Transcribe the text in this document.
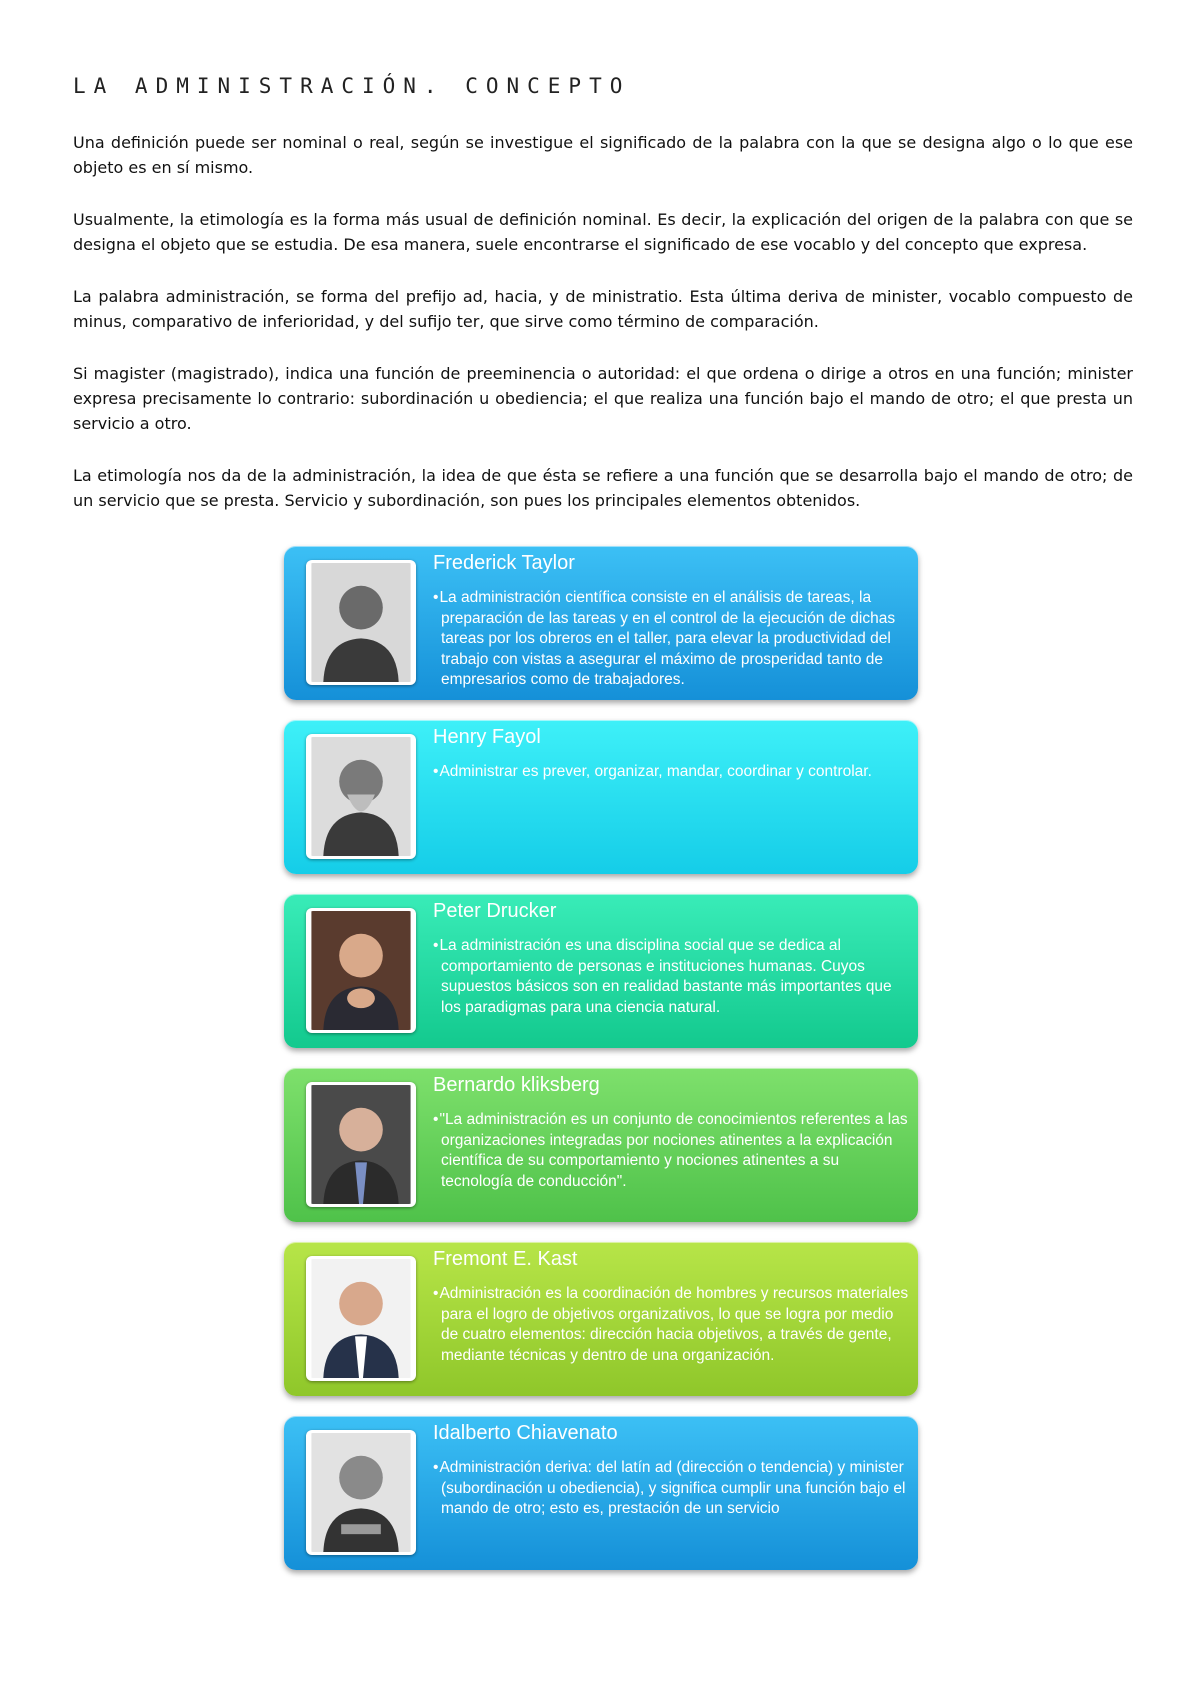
LA ADMINISTRACIÓN. CONCEPTO

Una definición puede ser nominal o real, según se investigue el significado de la palabra con la que se designa algo o lo que ese objeto es en sí mismo.

Usualmente, la etimología es la forma más usual de definición nominal. Es decir, la explicación del origen de la palabra con que se designa el objeto que se estudia. De esa manera, suele encontrarse el significado de ese vocablo y del concepto que expresa.

La palabra administración, se forma del prefijo ad, hacia, y de ministratio. Esta última deriva de minister, vocablo compuesto de minus, comparativo de inferioridad, y del sufijo ter, que sirve como término de comparación.

Si magister (magistrado), indica una función de preeminencia o autoridad: el que ordena o dirige a otros en una función; minister expresa precisamente lo contrario: subordinación u obediencia; el que realiza una función bajo el mando de otro; el que presta un servicio a otro.

La etimología nos da de la administración, la idea de que ésta se refiere a una función que se desarrolla bajo el mando de otro; de un servicio que se presta. Servicio y subordinación, son pues los principales elementos obtenidos.

Frederick Taylor
•La administración científica consiste en el análisis de tareas, la preparación de las tareas y en el control de la ejecución de dichas tareas por los obreros en el taller, para elevar la productividad del trabajo con vistas a asegurar el máximo de prosperidad tanto de empresarios como de trabajadores.
Henry Fayol
•Administrar es prever, organizar, mandar, coordinar y controlar.
Peter Drucker
•La administración es una disciplina social que se dedica al comportamiento de personas e instituciones humanas. Cuyos supuestos básicos son en realidad bastante más importantes que los paradigmas para una ciencia natural.
Bernardo kliksberg
•"La administración es un conjunto de conocimientos referentes a las organizaciones integradas por nociones atinentes a la explicación científica de su comportamiento y nociones atinentes a su tecnología de conducción".
Fremont E. Kast
•Administración es la coordinación de hombres y recursos materiales para el logro de objetivos organizativos, lo que se logra por medio de cuatro elementos: dirección hacia objetivos, a través de gente, mediante técnicas y dentro de una organización.
Idalberto Chiavenato
•Administración deriva: del latín ad (dirección o tendencia) y minister (subordinación u obediencia), y significa cumplir una función bajo el mando de otro; esto es, prestación de un servicio
